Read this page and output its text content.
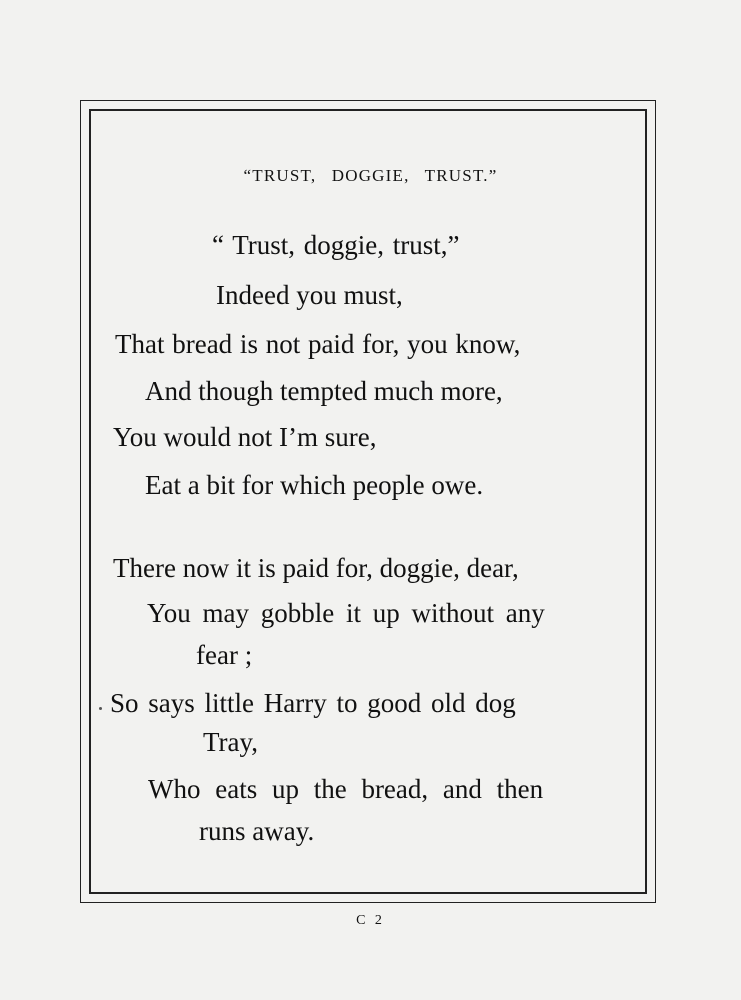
“TRUST, DOGGIE, TRUST.”
“ Trust, doggie, trust,”
Indeed you must,
That bread is not paid for, you know,
And though tempted much more,
You would not I’m sure,
Eat a bit for which people owe.
There now it is paid for, doggie, dear,
You may gobble it up without any
fear ;
So says little Harry to good old dog
Tray,
Who eats up the bread, and then
runs away.
C 2
